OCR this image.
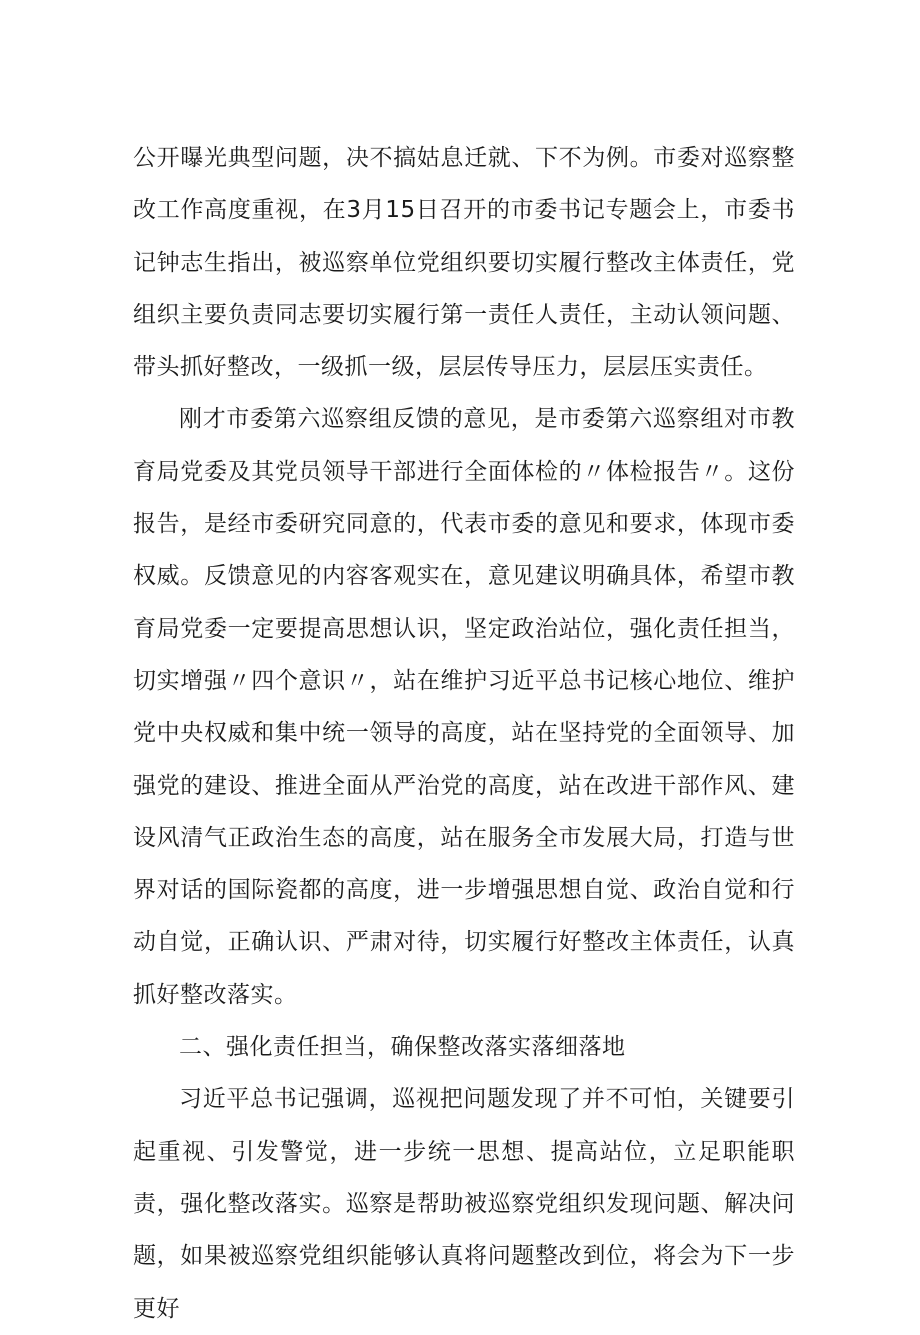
公开曝光典型问题，决不搞姑息迁就、下不为例。市委对巡察整改工作高度重视，在3月15日召开的市委书记专题会上，市委书记钟志生指出，被巡察单位党组织要切实履行整改主体责任，党组织主要负责同志要切实履行第一责任人责任，主动认领问题、带头抓好整改，一级抓一级，层层传导压力，层层压实责任。

刚才市委第六巡察组反馈的意见，是市委第六巡察组对市教育局党委及其党员领导干部进行全面体检的〃体检报告〃。这份报告，是经市委研究同意的，代表市委的意见和要求，体现市委权威。反馈意见的内容客观实在，意见建议明确具体，希望市教育局党委一定要提高思想认识，坚定政治站位，强化责任担当，切实增强〃四个意识〃，站在维护习近平总书记核心地位、维护党中央权威和集中统一领导的高度，站在坚持党的全面领导、加强党的建设、推进全面从严治党的高度，站在改进干部作风、建设风清气正政治生态的高度，站在服务全市发展大局，打造与世界对话的国际瓷都的高度，进一步增强思想自觉、政治自觉和行动自觉，正确认识、严肃对待，切实履行好整改主体责任，认真抓好整改落实。

二、强化责任担当，确保整改落实落细落地

习近平总书记强调，巡视把问题发现了并不可怕，关键要引起重视、引发警觉，进一步统一思想、提高站位，立足职能职责，强化整改落实。巡察是帮助被巡察党组织发现问题、解决问题，如果被巡察党组织能够认真将问题整改到位，将会为下一步更好
